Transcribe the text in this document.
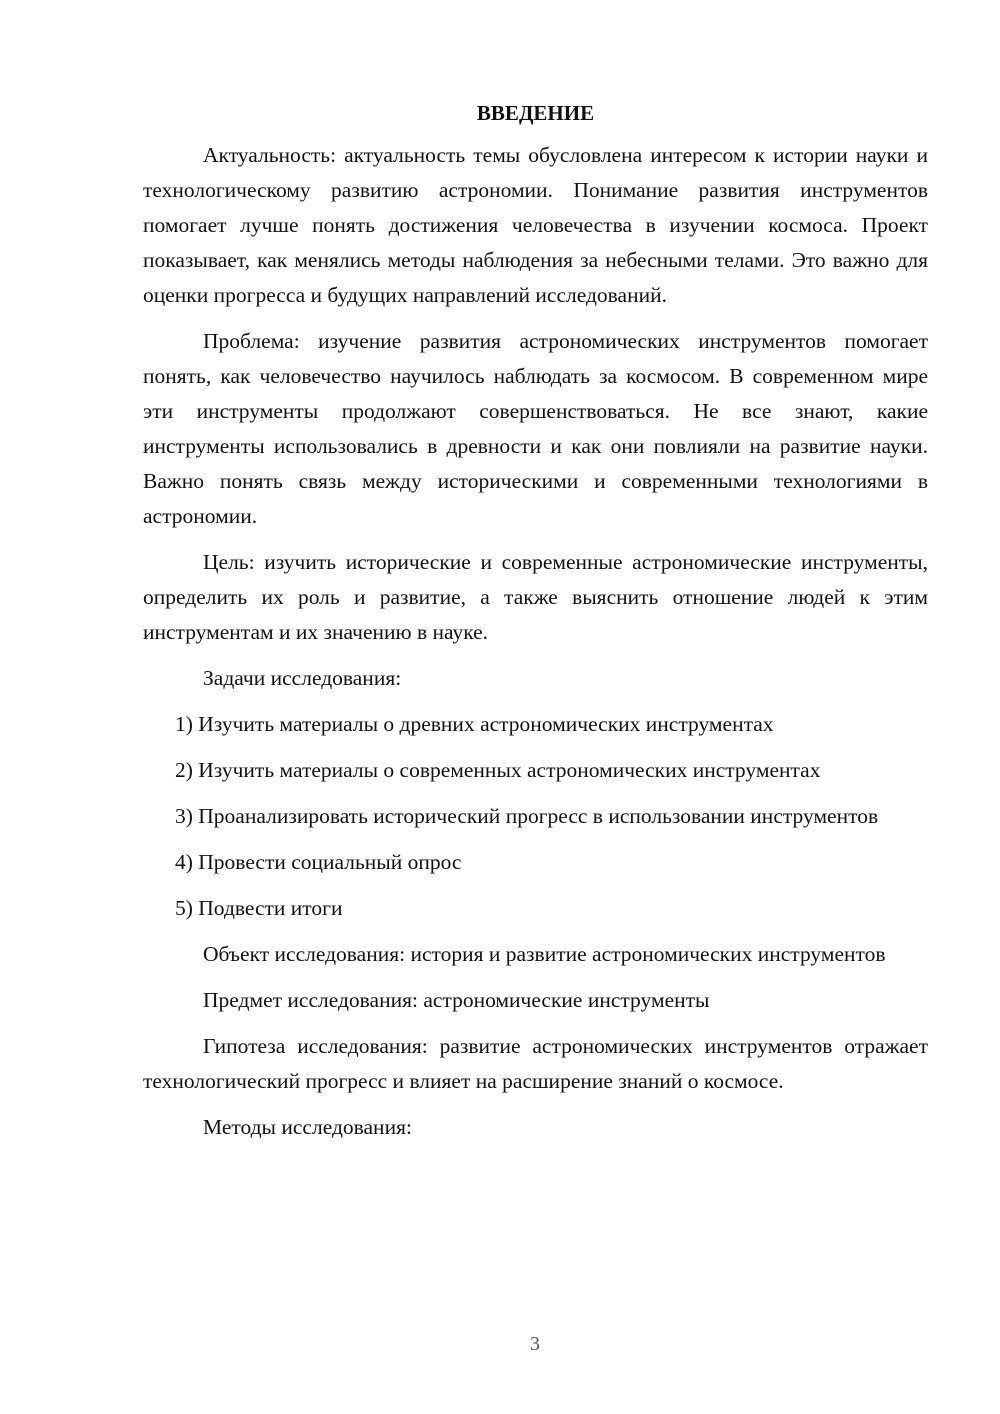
ВВЕДЕНИЕ

Актуальность: актуальность темы обусловлена интересом к истории науки и технологическому развитию астрономии. Понимание развития инструментов помогает лучше понять достижения человечества в изучении космоса. Проект показывает, как менялись методы наблюдения за небесными телами. Это важно для оценки прогресса и будущих направлений исследований.

Проблема: изучение развития астрономических инструментов помогает понять, как человечество научилось наблюдать за космосом. В современном мире эти инструменты продолжают совершенствоваться. Не все знают, какие инструменты использовались в древности и как они повлияли на развитие науки. Важно понять связь между историческими и современными технологиями в астрономии.

Цель: изучить исторические и современные астрономические инструменты, определить их роль и развитие, а также выяснить отношение людей к этим инструментам и их значению в науке.

Задачи исследования:

1) Изучить материалы о древних астрономических инструментах

2) Изучить материалы о современных астрономических инструментах

3) Проанализировать исторический прогресс в использовании инструментов

4) Провести социальный опрос

5) Подвести итоги

Объект исследования: история и развитие астрономических инструментов

Предмет исследования: астрономические инструменты

Гипотеза исследования: развитие астрономических инструментов отражает технологический прогресс и влияет на расширение знаний о космосе.

Методы исследования:

3
